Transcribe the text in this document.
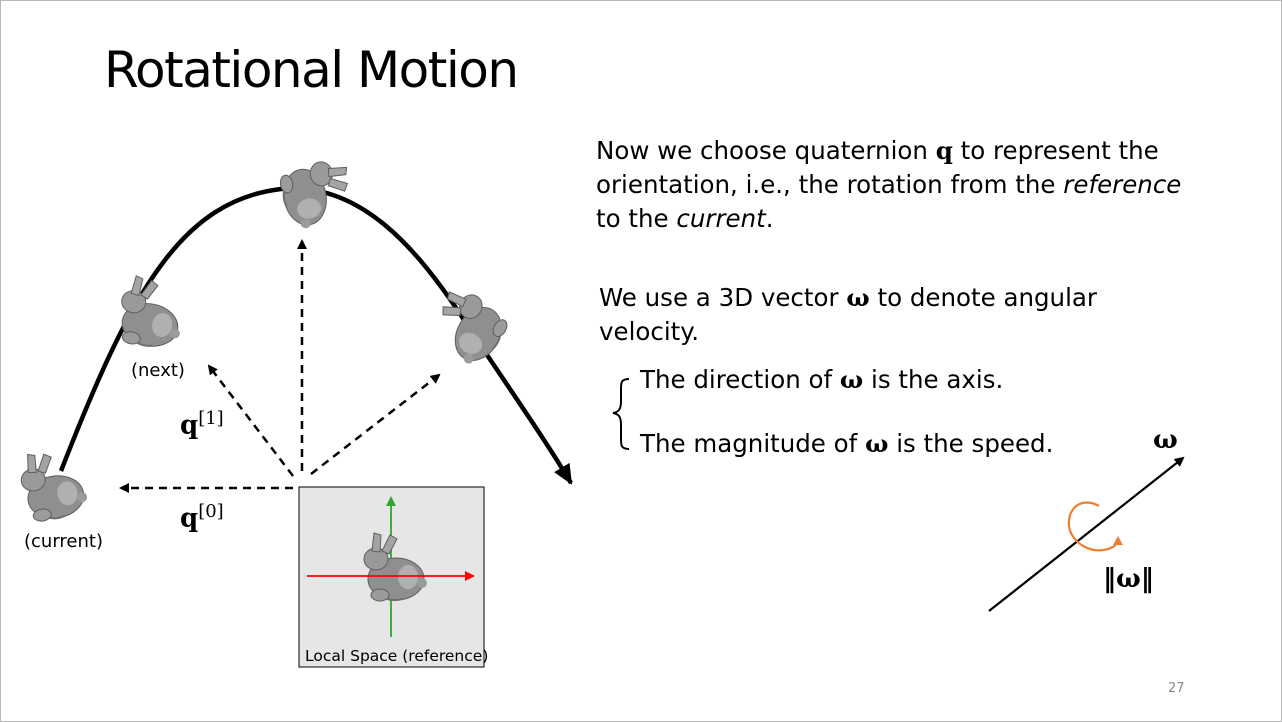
Rotational Motion
Now we choose quaternion q to represent the
orientation, i.e., the rotation from the reference
to the current.
We use a 3D vector ω to denote angular
velocity.
The direction of ω is the axis.
The magnitude of ω is the speed.
(current)
(next)
Local Space (reference)
q[1]
q[0]
ω
‖ω‖
27
